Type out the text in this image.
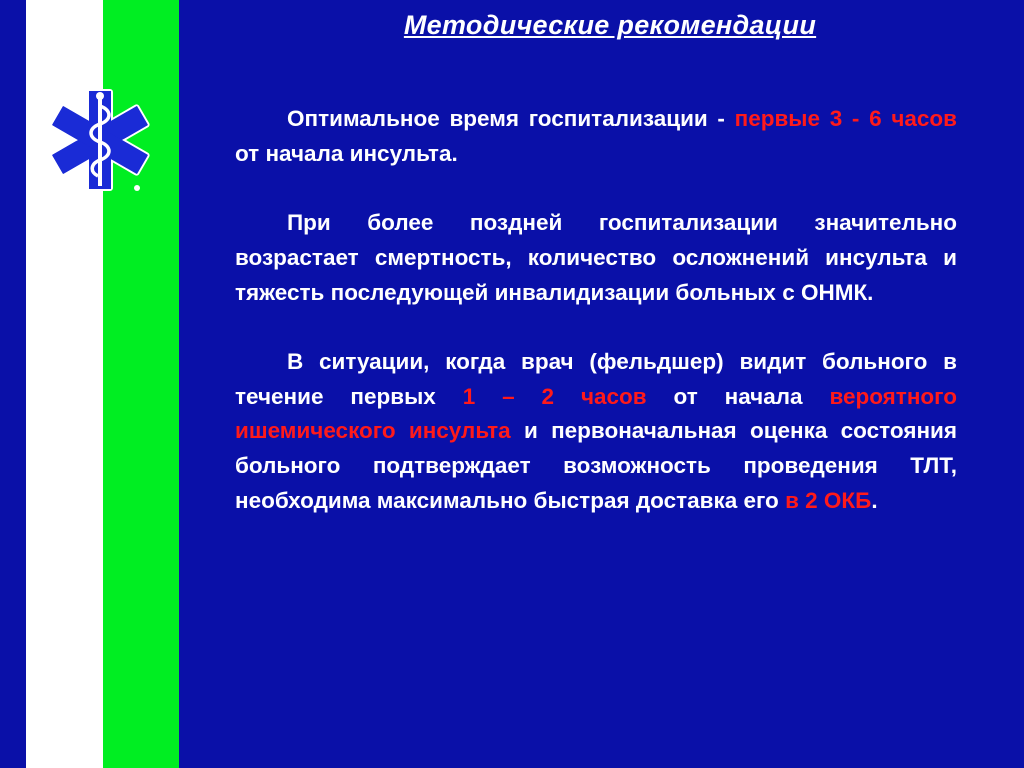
Методические рекомендации

Оптимальное время госпитализации - первые 3 - 6 часов от начала инсульта.

При более поздней госпитализации значительно возрастает смертность, количество осложнений инсульта и тяжесть последующей инвалидизации больных с ОНМК.

В ситуации, когда врач (фельдшер) видит больного в течение первых 1 – 2 часов от начала вероятного ишемического инсульта и первоначальная оценка состояния больного подтверждает возможность проведения ТЛТ, необходима максимально быстрая доставка его в 2 ОКБ.
